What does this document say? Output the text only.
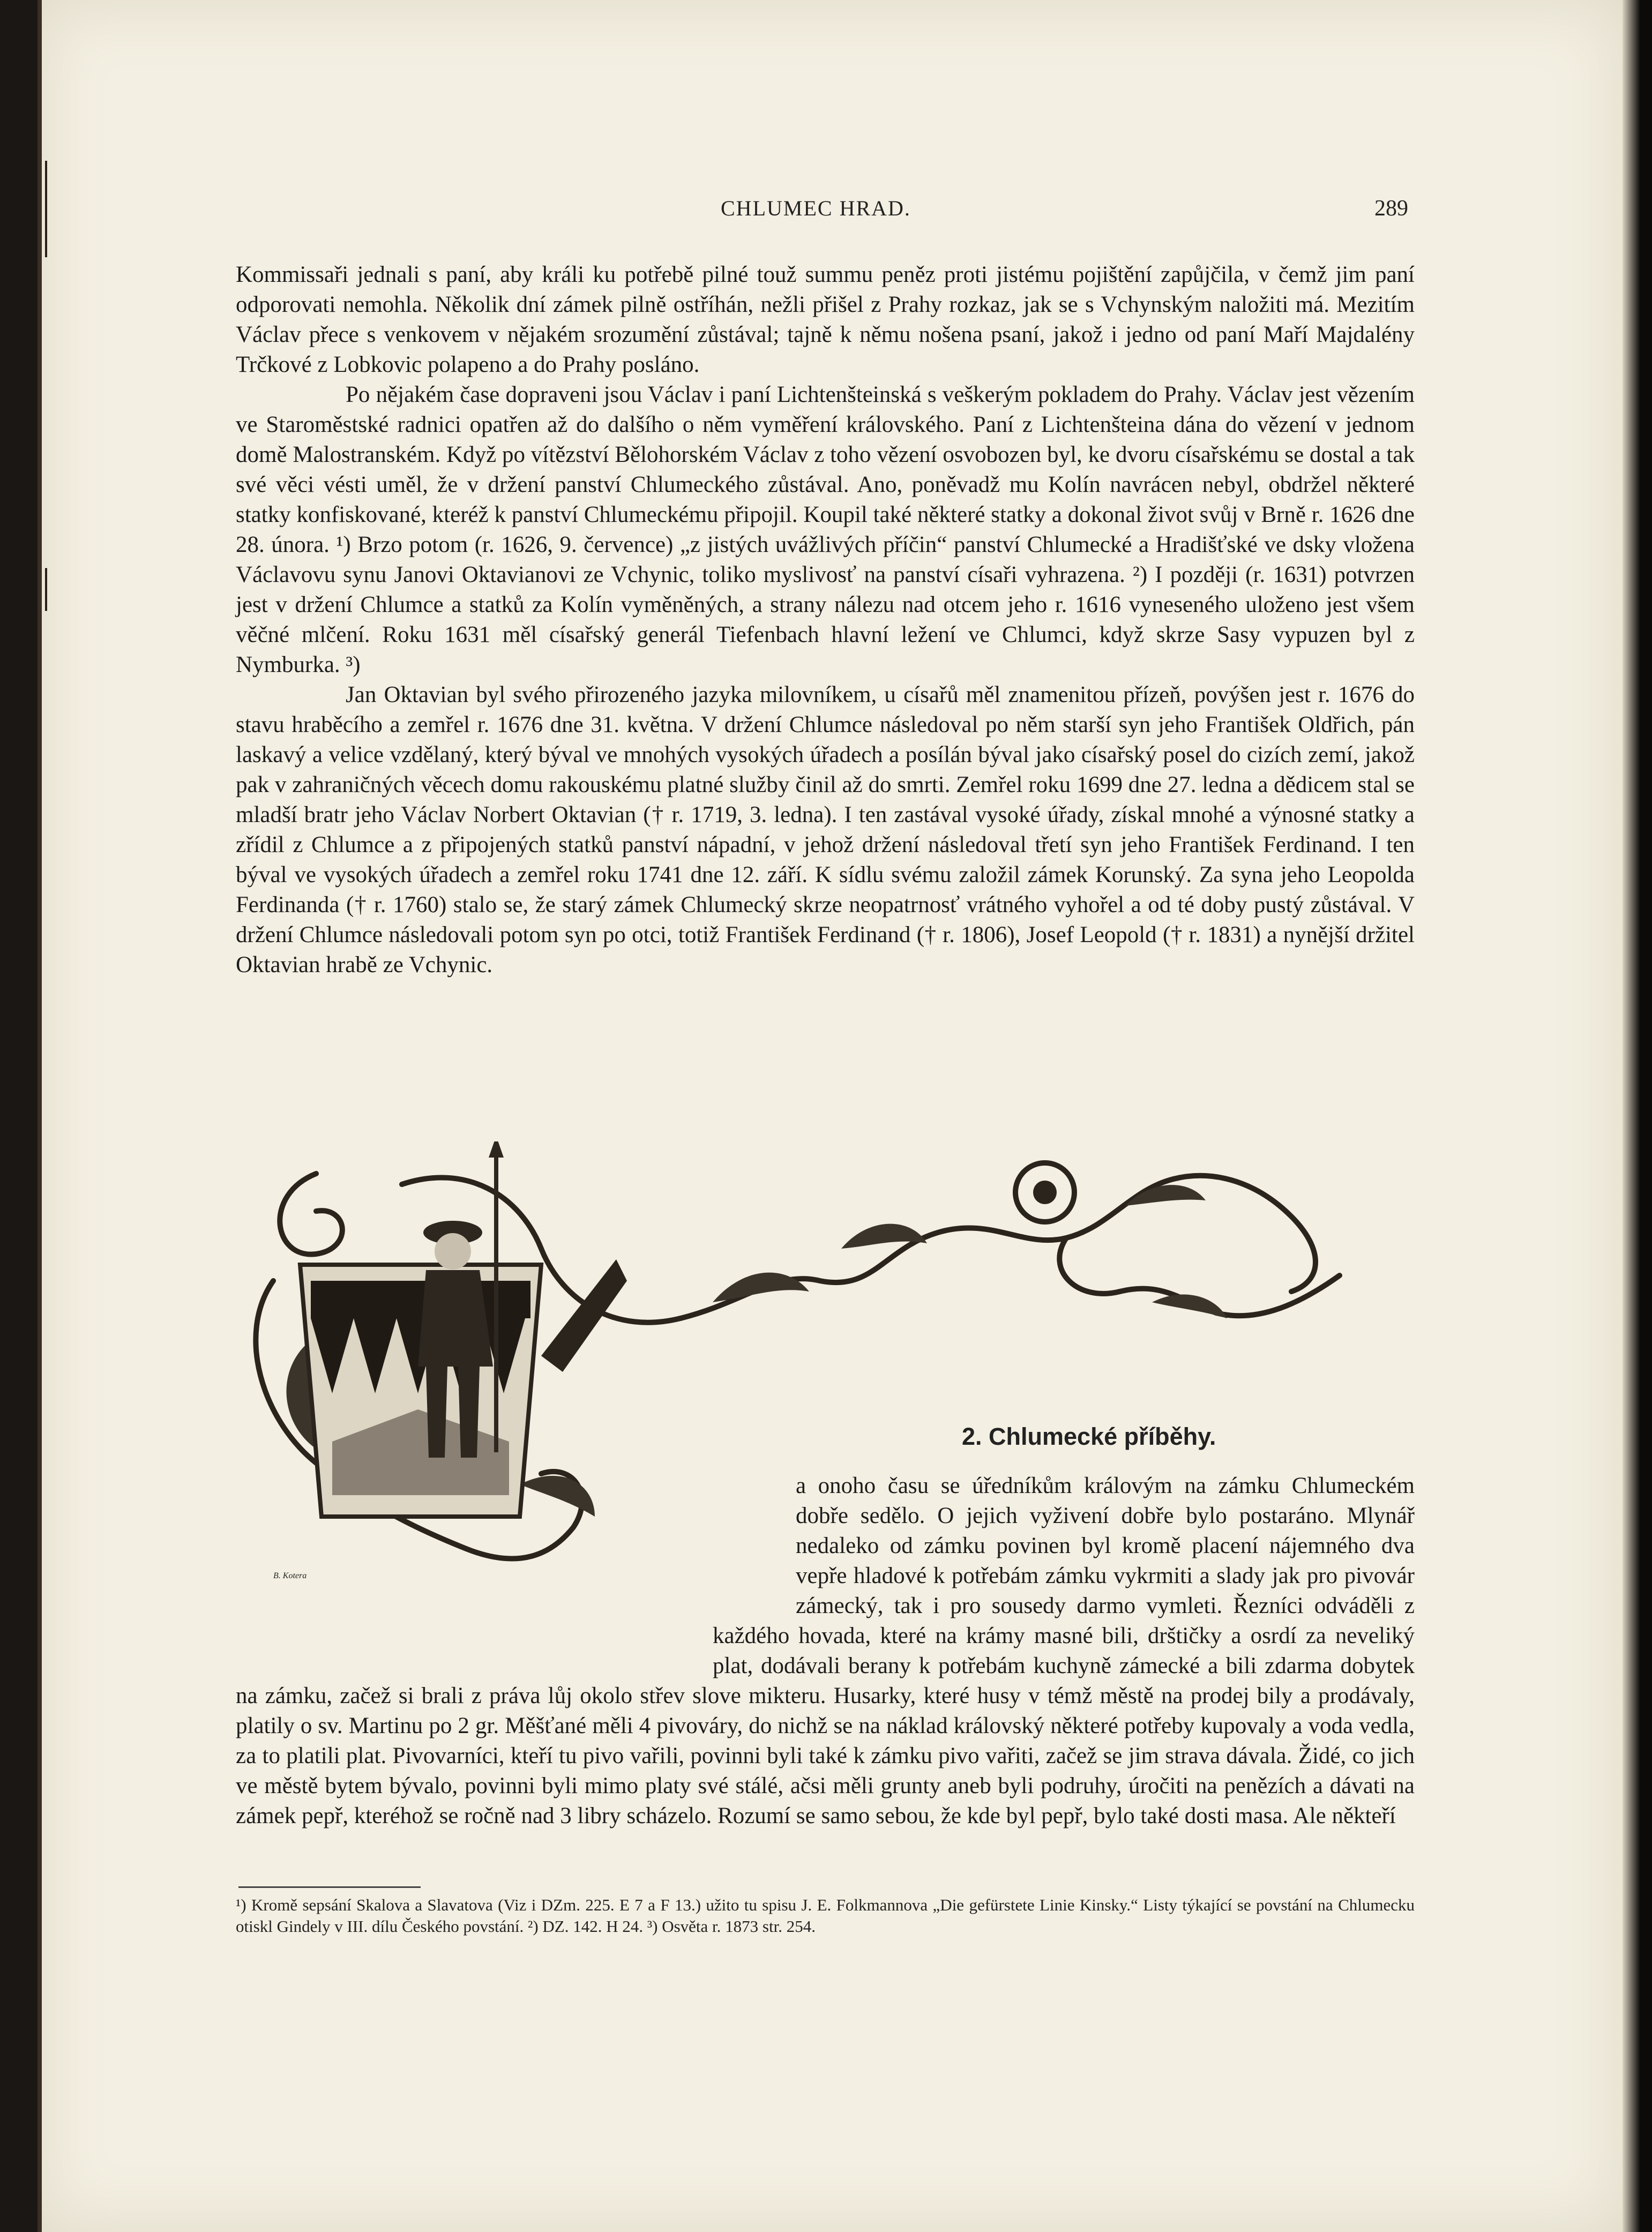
CHLUMEC HRAD.	289

Kommissaři jednali s paní, aby králi ku potřebě pilné touž summu peněz proti jistému pojištění zapůjčila, v čemž jim paní odporovati nemohla. Několik dní zámek pilně ostříhán, nežli přišel z Prahy rozkaz, jak se s Vchynským naložiti má. Mezitím Václav přece s venkovem v nějakém srozumění zůstával; tajně k němu nošena psaní, jakož i jedno od paní Maří Majdalény Trčkové z Lobkovic polapeno a do Prahy posláno.

Po nějakém čase dopraveni jsou Václav i paní Lichtenšteinská s veškerým pokladem do Prahy. Václav jest vězením ve Staroměstské radnici opatřen až do dalšího o něm vyměření královského. Paní z Lichtenšteina dána do vězení v jednom domě Malostranském. Když po vítězství Bělohorském Václav z toho vězení osvobozen byl, ke dvoru císařskému se dostal a tak své věci vésti uměl, že v držení panství Chlumeckého zůstával. Ano, poněvadž mu Kolín navrácen nebyl, obdržel některé statky konfiskované, kteréž k panství Chlumeckému připojil. Koupil také některé statky a dokonal život svůj v Brně r. 1626 dne 28. února. ¹) Brzo potom (r. 1626, 9. července) „z jistých uvážlivých příčin“ panství Chlumecké a Hradišťské ve dsky vložena Václavovu synu Janovi Oktavianovi ze Vchynic, toliko myslivosť na panství císaři vyhrazena. ²) I později (r. 1631) potvrzen jest v držení Chlumce a statků za Kolín vyměněných, a strany nálezu nad otcem jeho r. 1616 vyneseného uloženo jest všem věčné mlčení. Roku 1631 měl císařský generál Tiefenbach hlavní ležení ve Chlumci, když skrze Sasy vypuzen byl z Nymburka. ³)

Jan Oktavian byl svého přirozeného jazyka milovníkem, u císařů měl znamenitou přízeň, povýšen jest r. 1676 do stavu hraběcího a zemřel r. 1676 dne 31. května. V držení Chlumce následoval po něm starší syn jeho František Oldřich, pán laskavý a velice vzdělaný, který býval ve mnohých vysokých úřadech a posílán býval jako císařský posel do cizích zemí, jakož pak v zahraničných věcech domu rakouskému platné služby činil až do smrti. Zemřel roku 1699 dne 27. ledna a dědicem stal se mladší bratr jeho Václav Norbert Oktavian († r. 1719, 3. ledna). I ten zastával vysoké úřady, získal mnohé a výnosné statky a zřídil z Chlumce a z připojených statků panství nápadní, v jehož držení následoval třetí syn jeho František Ferdinand. I ten býval ve vysokých úřadech a zemřel roku 1741 dne 12. září. K sídlu svému založil zámek Korunský. Za syna jeho Leopolda Ferdinanda († r. 1760) stalo se, že starý zámek Chlumecký skrze neopatrnosť vrátného vyhořel a od té doby pustý zůstával. V držení Chlumce následovali potom syn po otci, totiž František Ferdinand († r. 1806), Josef Leopold († r. 1831) a nynější držitel Oktavian hrabě ze Vchynic.

B. Kotera
2. Chlumecké příběhy.

a onoho času se úředníkům královým na zámku Chlumeckém dobře sedělo. O jejich vyživení dobře bylo postaráno. Mlynář nedaleko od zámku povinen byl kromě placení nájemného dva vepře hladové k potřebám zámku vykrmiti a slady jak pro pivovár zámecký, tak i pro sousedy darmo vymleti. Řezníci odváděli z každého hovada, které na krámy masné bili, drštičky a osrdí za neveliký plat, dodávali berany k potřebám kuchyně zámecké a bili zdarma dobytek na zámku, začež si brali z práva lůj okolo střev slove mikteru. Husarky, které husy v témž městě na prodej bily a prodávaly, platily o sv. Martinu po 2 gr. Měšťané měli 4 pivováry, do nichž se na náklad královský některé potřeby kupovaly a voda vedla, za to platili plat. Pivovarníci, kteří tu pivo vařili, povinni byli také k zámku pivo vařiti, začež se jim strava dávala. Židé, co jich ve městě bytem bývalo, povinni byli mimo platy své stálé, ačsi měli grunty aneb byli podruhy, úročiti na penězích a dávati na zámek pepř, kteréhož se ročně nad 3 libry scházelo. Rozumí se samo sebou, že kde byl pepř, bylo také dosti masa. Ale někteří

¹) Kromě sepsání Skalova a Slavatova (Viz i DZm. 225. E 7 a F 13.) užito tu spisu J. E. Folkmannova „Die gefürstete Linie Kinsky.“ Listy týkající se povstání na Chlumecku otiskl Gindely v III. dílu Českého povstání. ²) DZ. 142. H 24. ³) Osvěta r. 1873 str. 254.
